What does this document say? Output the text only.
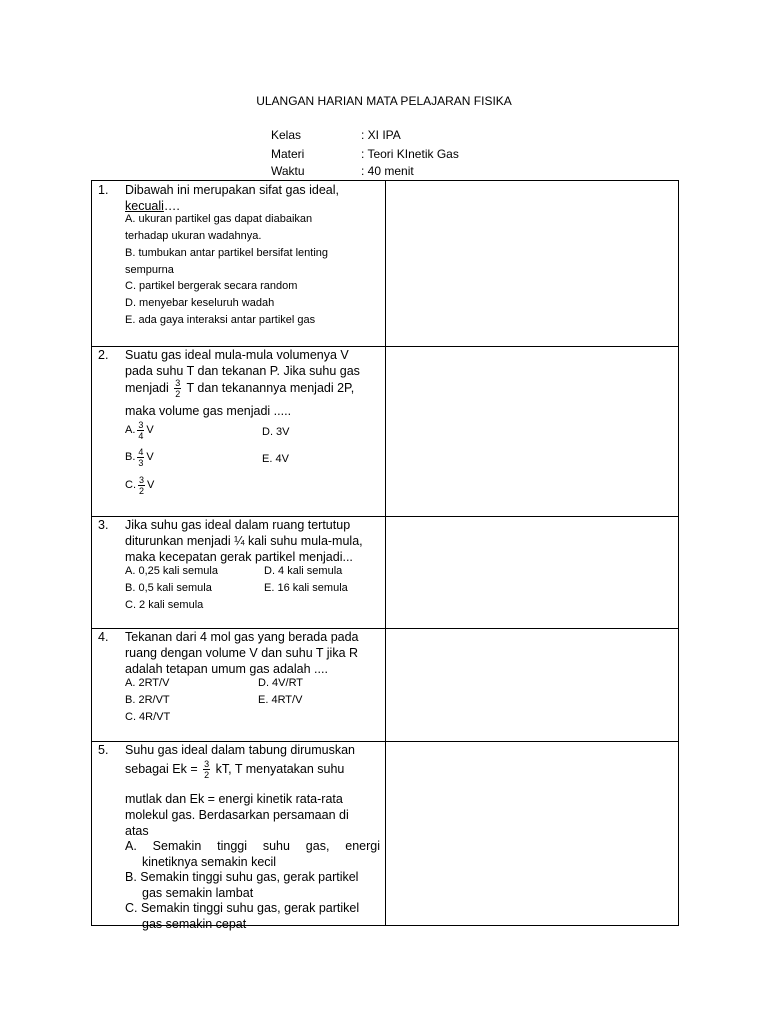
ULANGAN HARIAN MATA PELAJARAN FISIKA
Kelas	: XI IPA
Materi	: Teori KInetik Gas
Waktu	: 40 menit
1. Dibawah ini merupakan sifat gas ideal,
kecuali….
A. ukuran partikel gas dapat diabaikan
terhadap ukuran wadahnya.
B. tumbukan antar partikel bersifat lenting
sempurna
C. partikel bergerak secara random
D. menyebar keseluruh wadah
E. ada gaya interaksi antar partikel gas
2. Suatu gas ideal mula-mula volumenya V
pada suhu T dan tekanan P. Jika suhu gas
menjadi $\frac{3}{2}$ T dan tekanannya menjadi 2P,
maka volume gas menjadi .....
A. $\frac{3}{4}$ V
B. $\frac{4}{3}$ V
C. $\frac{3}{2}$ V
D. 3V
E. 4V
3. Jika suhu gas ideal dalam ruang tertutup
diturunkan menjadi ¼ kali suhu mula-mula,
maka kecepatan gerak partikel menjadi...
A. 0,25 kali semula
B. 0,5 kali semula
C. 2 kali semula
D. 4 kali semula
E. 16 kali semula
4. Tekanan dari 4 mol gas yang berada pada
ruang dengan volume V dan suhu T jika R
adalah tetapan umum gas adalah ....
A. 2RT/V
B. 2R/VT
C. 4R/VT
D. 4V/RT
E. 4RT/V
5. Suhu gas ideal dalam tabung dirumuskan
sebagai $Ek = \frac{3}{2}$ kT, T menyatakan suhu
mutlak dan Ek = energi kinetik rata-rata
molekul gas. Berdasarkan persamaan di
atas
A. Semakin tinggi suhu gas, energi
kinetiknya semakin kecil
B. Semakin tinggi suhu gas, gerak partikel
gas semakin lambat
C. Semakin tinggi suhu gas, gerak partikel
gas semakin cepat
